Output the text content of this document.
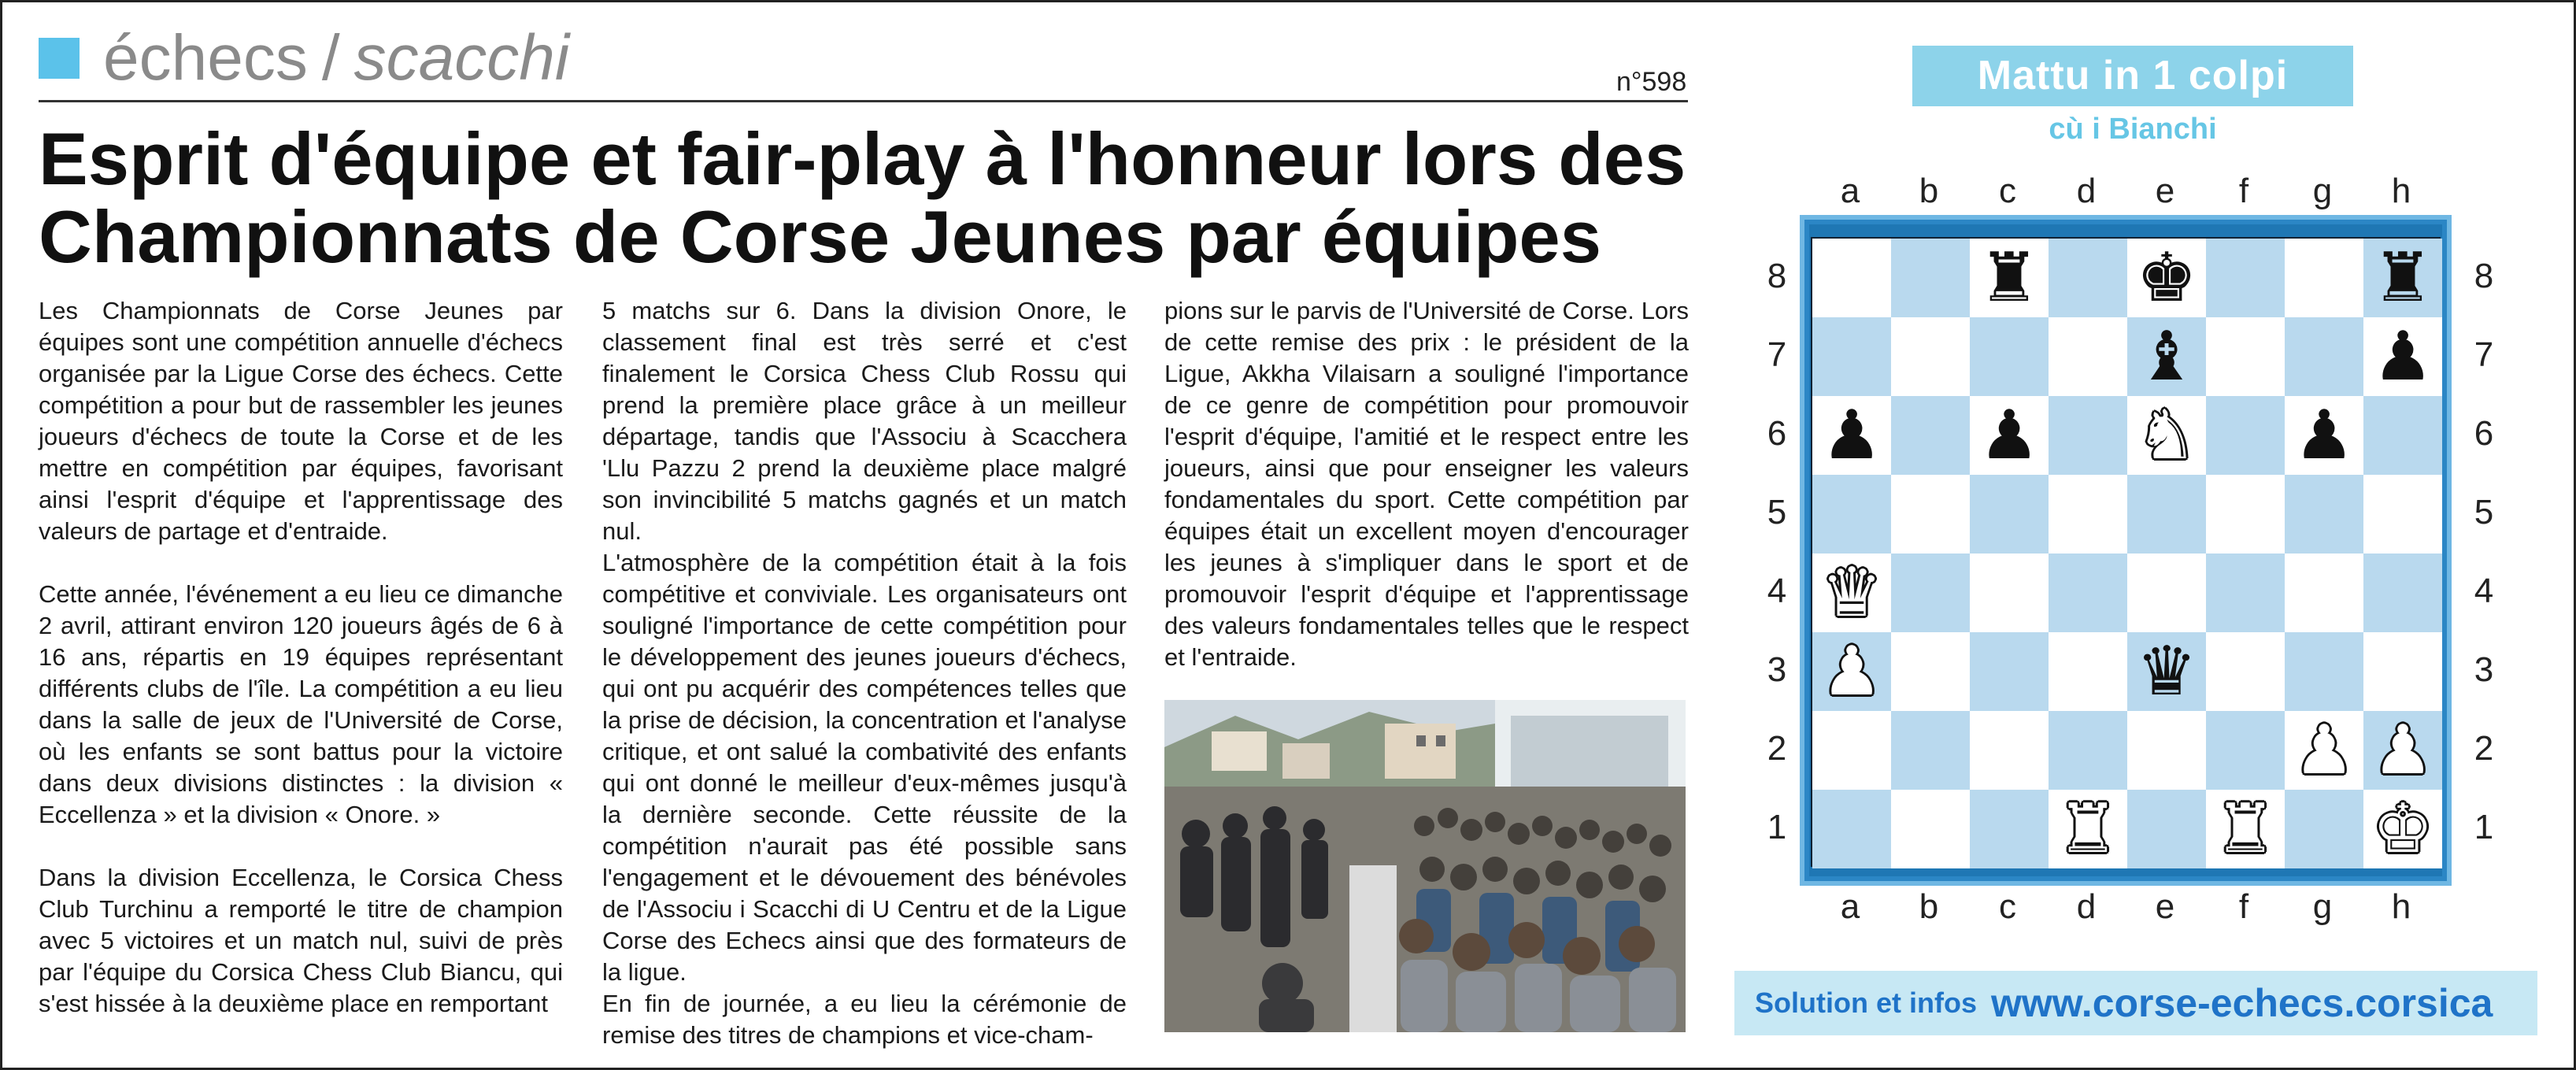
échecs / scacchi	n°598
Esprit d'équipe et fair-play à l'honneur lors des
Championnats de Corse Jeunes par équipes

Les Championnats de Corse Jeunes par équipes sont une compétition annuelle d'échecs organisée par la Ligue Corse des échecs. Cette compétition a pour but de rassembler les jeunes joueurs d'échecs de toute la Corse et de les mettre en compétition par équipes, favorisant ainsi l'esprit d'équipe et l'apprentissage des valeurs de partage et d'entraide.

Cette année, l'événement a eu lieu ce dimanche 2 avril, attirant environ 120 joueurs âgés de 6 à 16 ans, répartis en 19 équipes représentant différents clubs de l'île. La compétition a eu lieu dans la salle de jeux de l'Université de Corse, où les enfants se sont battus pour la victoire dans deux divisions distinctes : la division « Eccellenza » et la division « Onore. »

Dans la division Eccellenza, le Corsica Chess Club Turchinu a remporté le titre de champion avec 5 victoires et un match nul, suivi de près par l'équipe du Corsica Chess Club Biancu, qui s'est hissée à la deuxième place en remportant

5 matchs sur 6. Dans la division Onore, le classement final est très serré et c'est finalement le Corsica Chess Club Rossu qui prend la première place grâce à un meilleur départage, tandis que l'Associu à Scacchera 'Llu Pazzu 2 prend la deuxième place malgré son invincibilité 5 matchs gagnés et un match nul.

L'atmosphère de la compétition était à la fois compétitive et conviviale. Les organisateurs ont souligné l'importance de cette compétition pour le développement des jeunes joueurs d'échecs, qui ont pu acquérir des compétences telles que la prise de décision, la concentration et l'analyse critique, et ont salué la combativité des enfants qui ont donné le meilleur d'eux-mêmes jusqu'à la dernière seconde. Cette réussite de la compétition n'aurait pas été possible sans l'engagement et le dévouement des bénévoles de l'Associu i Scacchi di U Centru et de la Ligue Corse des Echecs ainsi que des formateurs de la ligue.

En fin de journée, a eu lieu la cérémonie de remise des titres de champions et vice-cham-

pions sur le parvis de l'Université de Corse. Lors de cette remise des prix : le président de la Ligue, Akkha Vilaisarn a souligné l'importance de ce genre de compétition pour promouvoir l'esprit d'équipe, l'amitié et le respect entre les joueurs, ainsi que pour enseigner les valeurs fondamentales du sport. Cette compétition par équipes était un excellent moyen d'encourager les jeunes à s'impliquer dans le sport et de promouvoir l'esprit d'équipe et l'apprentissage des valeurs fondamentales telles que le respect et l'entraide.

Mattu in 1 colpi
cù i Bianchi
a	b	c	d	e	f	g	h
8
7
6
5
4
3
2
1
8
7
6
5
4
3
2
1
♜ ♚	♜
♝	♟
♟ ♟ ♞ ♟
♛
♟	♛
♟ ♟
♜ ♜ ♚
a	b	c	d	e	f	g	h
Solution et infos www.corse-echecs.corsica
